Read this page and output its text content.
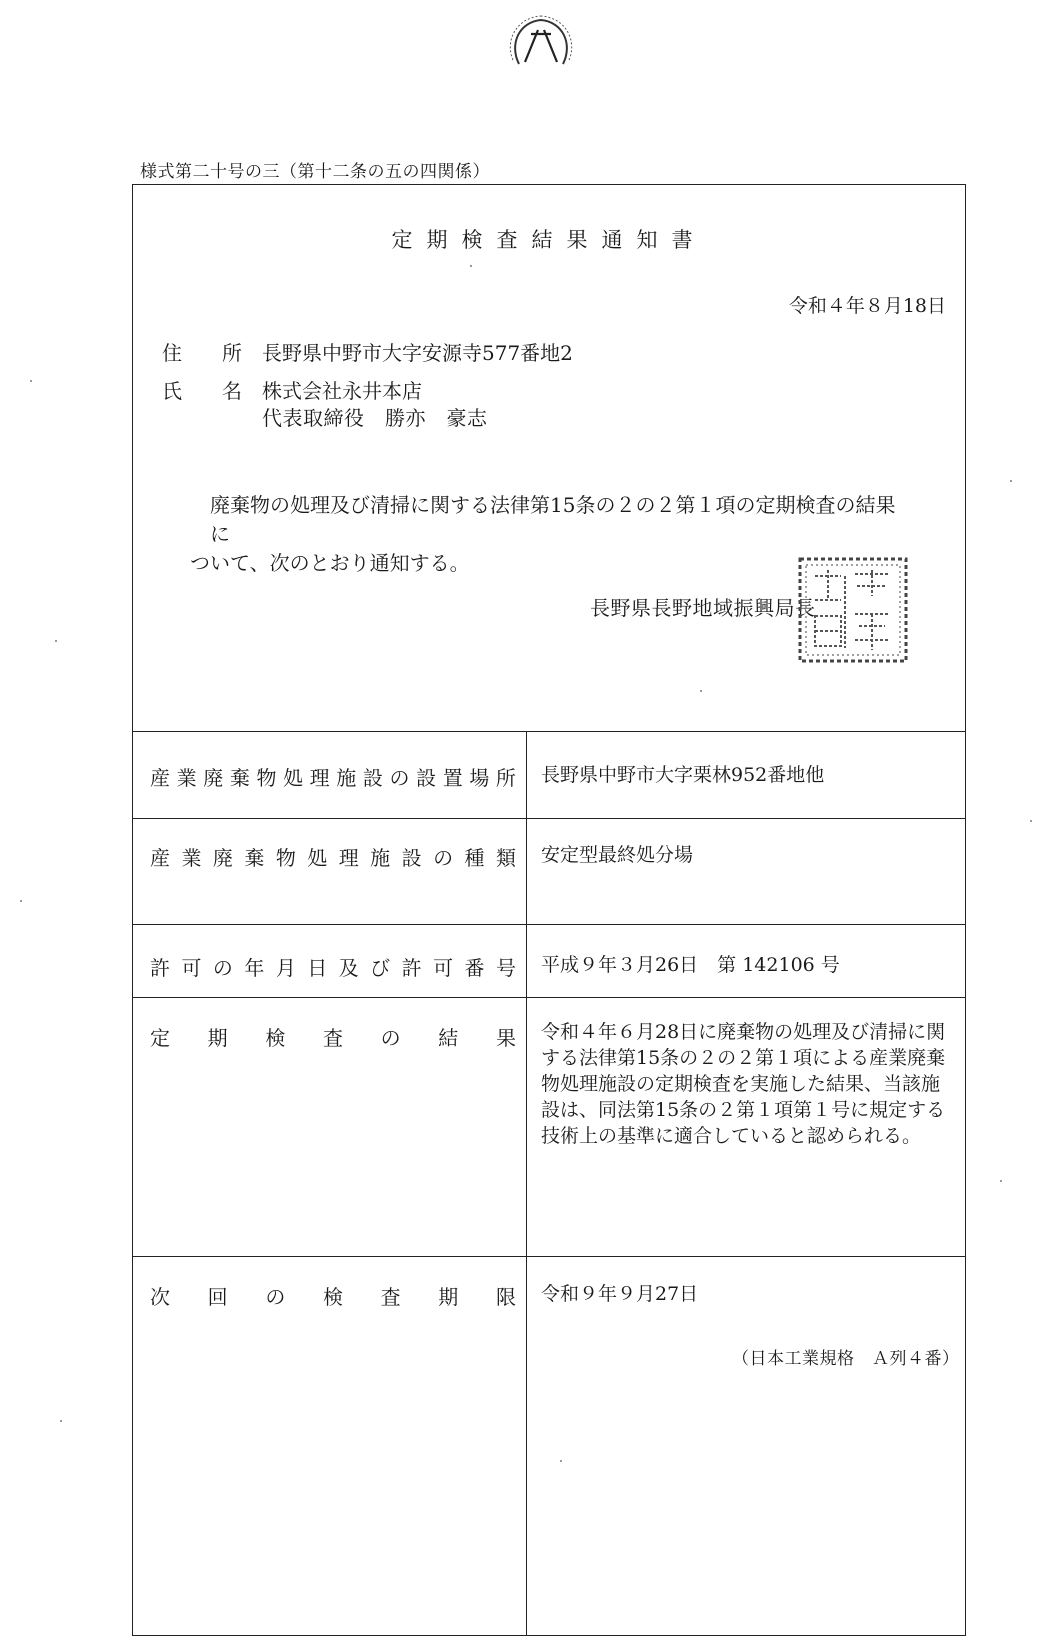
様式第二十号の三（第十二条の五の四関係）
定期検査結果通知書
令和４年８月18日
住 所 長野県中野市大字安源寺577番地2
氏 名 株式会社永井本店
代表取締役　勝亦　豪志
廃棄物の処理及び清掃に関する法律第15条の２の２第１項の定期検査の結果に
ついて、次のとおり通知する。
長野県長野地域振興局長
産 業 廃 棄 物 処 理 施 設 の 設 置 場 所
産 業 廃 棄 物 処 理 施 設 の 種 類
許 可 の 年 月 日 及 び 許 可 番 号
定 期 検 査 の 結 果
次 回 の 検 査 期 限
長野県中野市大字栗林952番地他
安定型最終処分場
平成９年３月26日　第 142106 号
令和４年６月28日に廃棄物の処理及び清掃に関
する法律第15条の２の２第１項による産業廃棄
物処理施設の定期検査を実施した結果、当該施
設は、同法第15条の２第１項第１号に規定する
技術上の基準に適合していると認められる。
令和９年９月27日
（日本工業規格　Ａ列４番）
